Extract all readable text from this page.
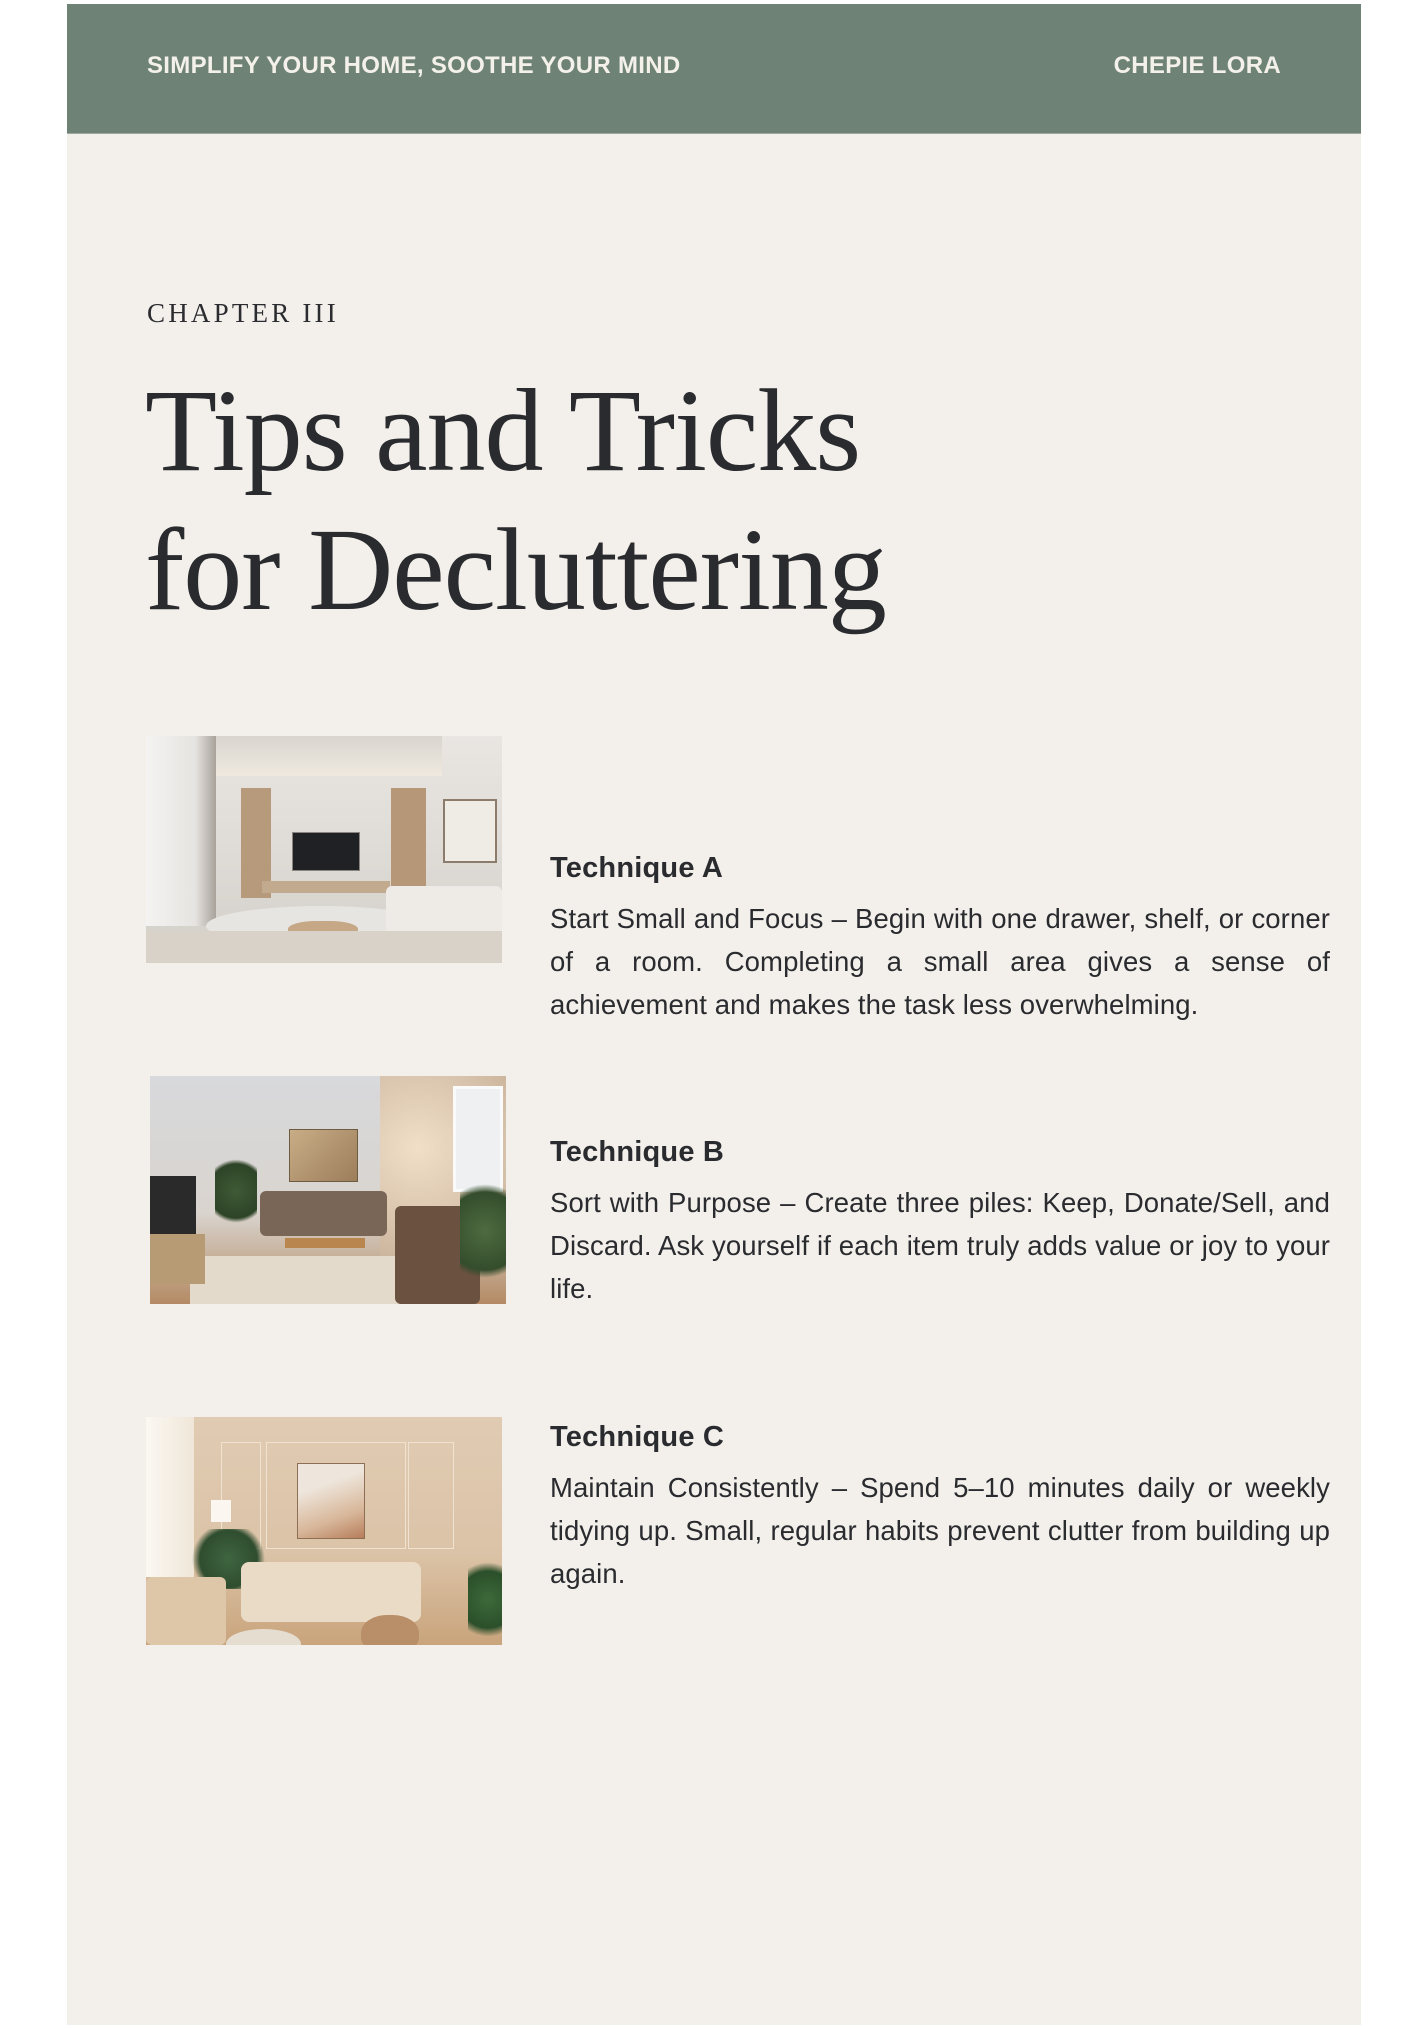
SIMPLIFY YOUR HOME, SOOTHE YOUR MIND	CHEPIE LORA
CHAPTER III
Tips and Tricks
for Decluttering
Technique A

Start Small and Focus – Begin with one drawer, shelf, or corner of a room. Completing a small area gives a sense of achievement and makes the task less overwhelming.

Technique B

Sort with Purpose – Create three piles: Keep, Donate/Sell, and Discard. Ask yourself if each item truly adds value or joy to your life.

Technique C

Maintain Consistently – Spend 5–10 minutes daily or weekly tidying up. Small, regular habits prevent clutter from building up again.
